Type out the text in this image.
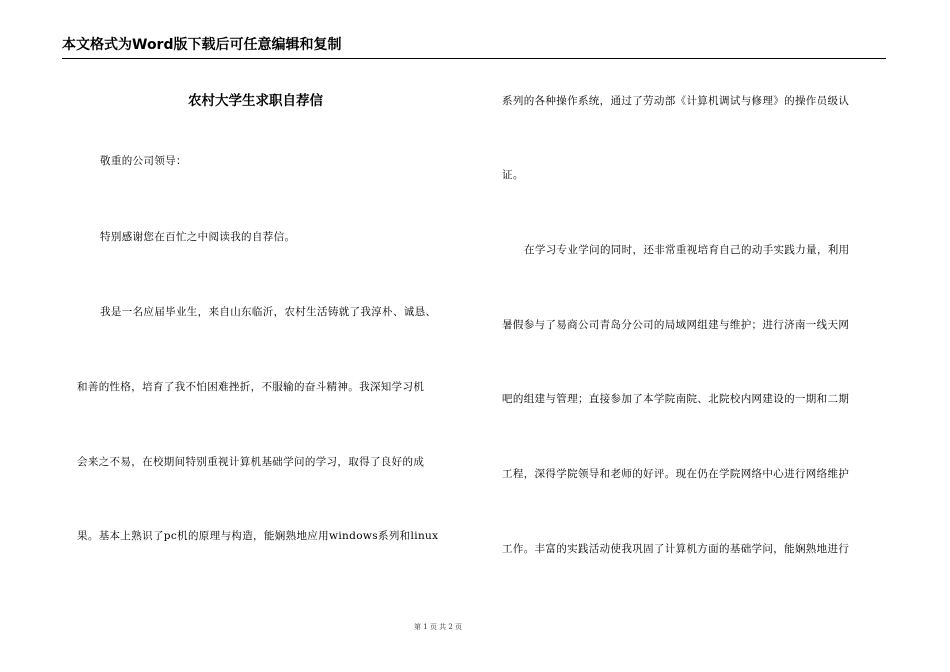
本文格式为Word版下载后可任意编辑和复制
农村大学生求职自荐信
敬重的公司领导：
特别感谢您在百忙之中阅读我的自荐信。
我是一名应届毕业生，来自山东临沂，农村生活铸就了我淳朴、诚恳、
和善的性格，培育了我不怕困难挫折，不服输的奋斗精神。我深知学习机
会来之不易，在校期间特别重视计算机基础学问的学习，取得了良好的成
果。基本上熟识了pc机的原理与构造，能娴熟地应用windows系列和linux
系列的各种操作系统，通过了劳动部《计算机调试与修理》的操作员级认
证。
在学习专业学问的同时，还非常重视培育自己的动手实践力量，利用
暑假参与了易商公司青岛分公司的局域网组建与维护；进行济南一线天网
吧的组建与管理；直接参加了本学院南院、北院校内网建设的一期和二期
工程，深得学院领导和老师的好评。现在仍在学院网络中心进行网络维护
工作。丰富的实践活动使我巩固了计算机方面的基础学问，能娴熟地进行
第 1 页 共 2 页
